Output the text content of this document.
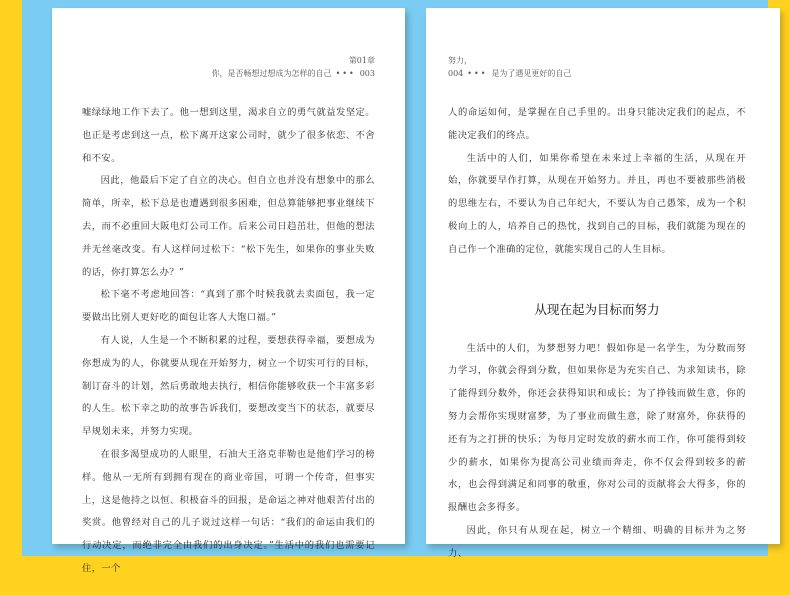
第01章
你，是否畅想过想成为怎样的自己 ••• 003

嘘绿绿地工作下去了。他一想到这里，渴求自立的勇气就益发坚定。也正是考虑到这一点，松下离开这家公司时，就少了很多依恋、不舍和不安。

因此，他最后下定了自立的决心。但自立也并没有想象中的那么简单，所幸，松下总是也遭遇到很多困难，但总算能够把事业继续下去，而不必重回大阪电灯公司工作。后来公司日趋茁壮，但他的想法并无丝毫改变。有人这样问过松下：“松下先生，如果你的事业失败的话，你打算怎么办？”

松下毫不考虑地回答：“真到了那个时候我就去卖面包，我一定要做出比别人更好吃的面包让客人大饱口福。”

有人说，人生是一个不断积累的过程，要想获得幸福，要想成为你想成为的人，你就要从现在开始努力，树立一个切实可行的目标，制订奋斗的计划，然后勇敢地去执行，相信你能够收获一个丰富多彩的人生。松下幸之助的故事告诉我们，要想改变当下的状态，就要尽早规划未来，并努力实现。

在很多渴望成功的人眼里，石油大王洛克菲勒也是他们学习的榜样。他从一无所有到拥有现在的商业帝国，可谓一个传奇，但事实上，这是他持之以恒、积极奋斗的回报，是命运之神对他艰苦付出的奖赏。他曾经对自己的儿子说过这样一句话：“我们的命运由我们的行动决定，而绝非完全由我们的出身决定。”生活中的我们也需要记住，一个

努力，
004 ••• 是为了遇见更好的自己

人的命运如何，是掌握在自己手里的。出身只能决定我们的起点，不能决定我们的终点。

生活中的人们，如果你希望在未来过上幸福的生活，从现在开始，你就要早作打算，从现在开始努力。并且，再也不要被那些消极的思维左右，不要认为自己年纪大，不要认为自己愚笨，成为一个积极向上的人，培养自己的热忱，找到自己的目标，我们就能为现在的自己作一个准确的定位，就能实现自己的人生目标。

从现在起为目标而努力

生活中的人们，为梦想努力吧！假如你是一名学生，为分数而努力学习，你就会得到分数，但如果你是为充实自己、为求知读书，除了能得到分数外，你还会获得知识和成长；为了挣钱而做生意，你的努力会帮你实现财富梦，为了事业而做生意，除了财富外，你获得的还有为之打拼的快乐；为每月定时发放的薪水而工作，你可能得到较少的薪水，如果你为提高公司业绩而奔走，你不仅会得到较多的薪水，也会得到满足和同事的敬重，你对公司的贡献将会大得多，你的报酬也会多得多。

因此，你只有从现在起，树立一个精细、明确的目标并为之努力、
